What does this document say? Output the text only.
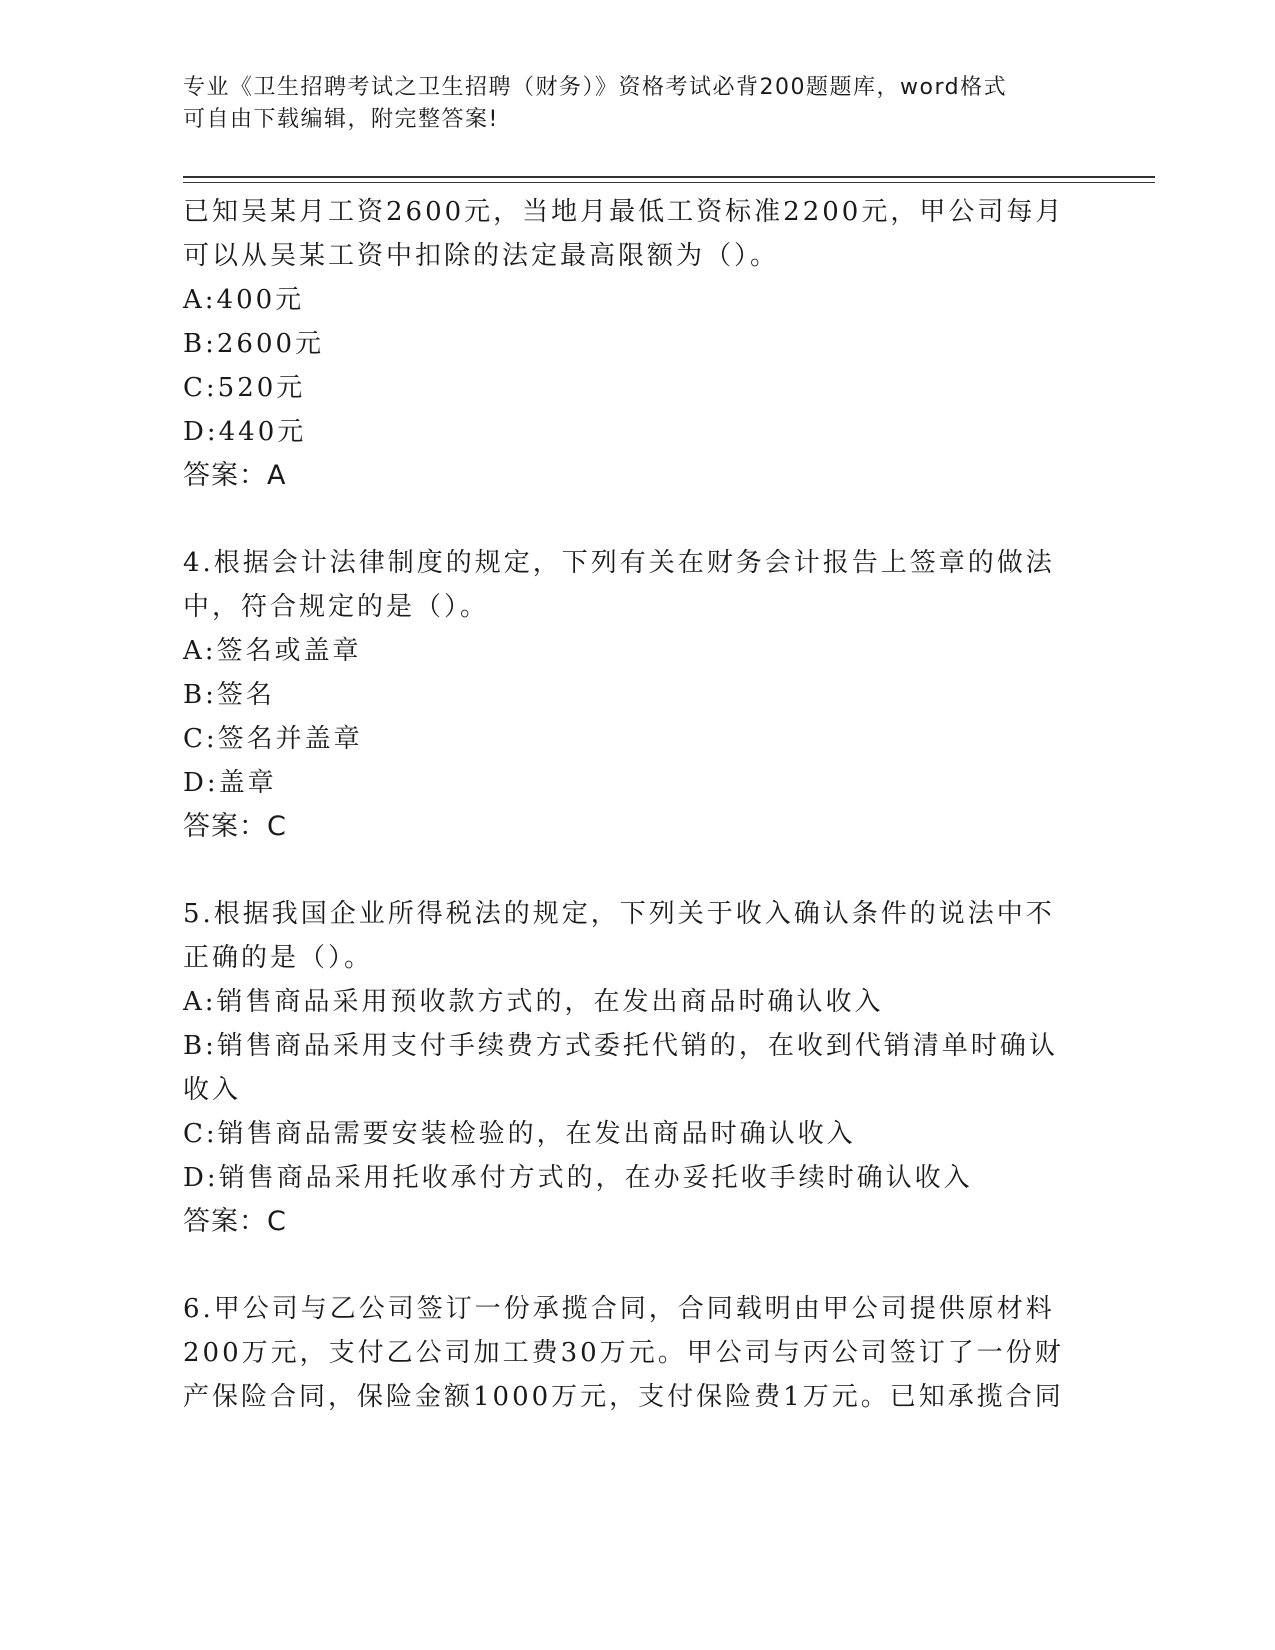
专业《卫生招聘考试之卫生招聘（财务）》资格考试必背200题题库，word格式
可自由下载编辑，附完整答案!
已知吴某月工资2600元，当地月最低工资标准2200元，甲公司每月
可以从吴某工资中扣除的法定最高限额为（）。
A:400元
B:2600元
C:520元
D:440元
答案：A
4.根据会计法律制度的规定，下列有关在财务会计报告上签章的做法
中，符合规定的是（）。
A:签名或盖章
B:签名
C:签名并盖章
D:盖章
答案：C
5.根据我国企业所得税法的规定，下列关于收入确认条件的说法中不
正确的是（）。
A:销售商品采用预收款方式的，在发出商品时确认收入
B:销售商品采用支付手续费方式委托代销的，在收到代销清单时确认
收入
C:销售商品需要安装检验的，在发出商品时确认收入
D:销售商品采用托收承付方式的，在办妥托收手续时确认收入
答案：C
6.甲公司与乙公司签订一份承揽合同，合同载明由甲公司提供原材料
200万元，支付乙公司加工费30万元。甲公司与丙公司签订了一份财
产保险合同，保险金额1000万元，支付保险费1万元。已知承揽合同
